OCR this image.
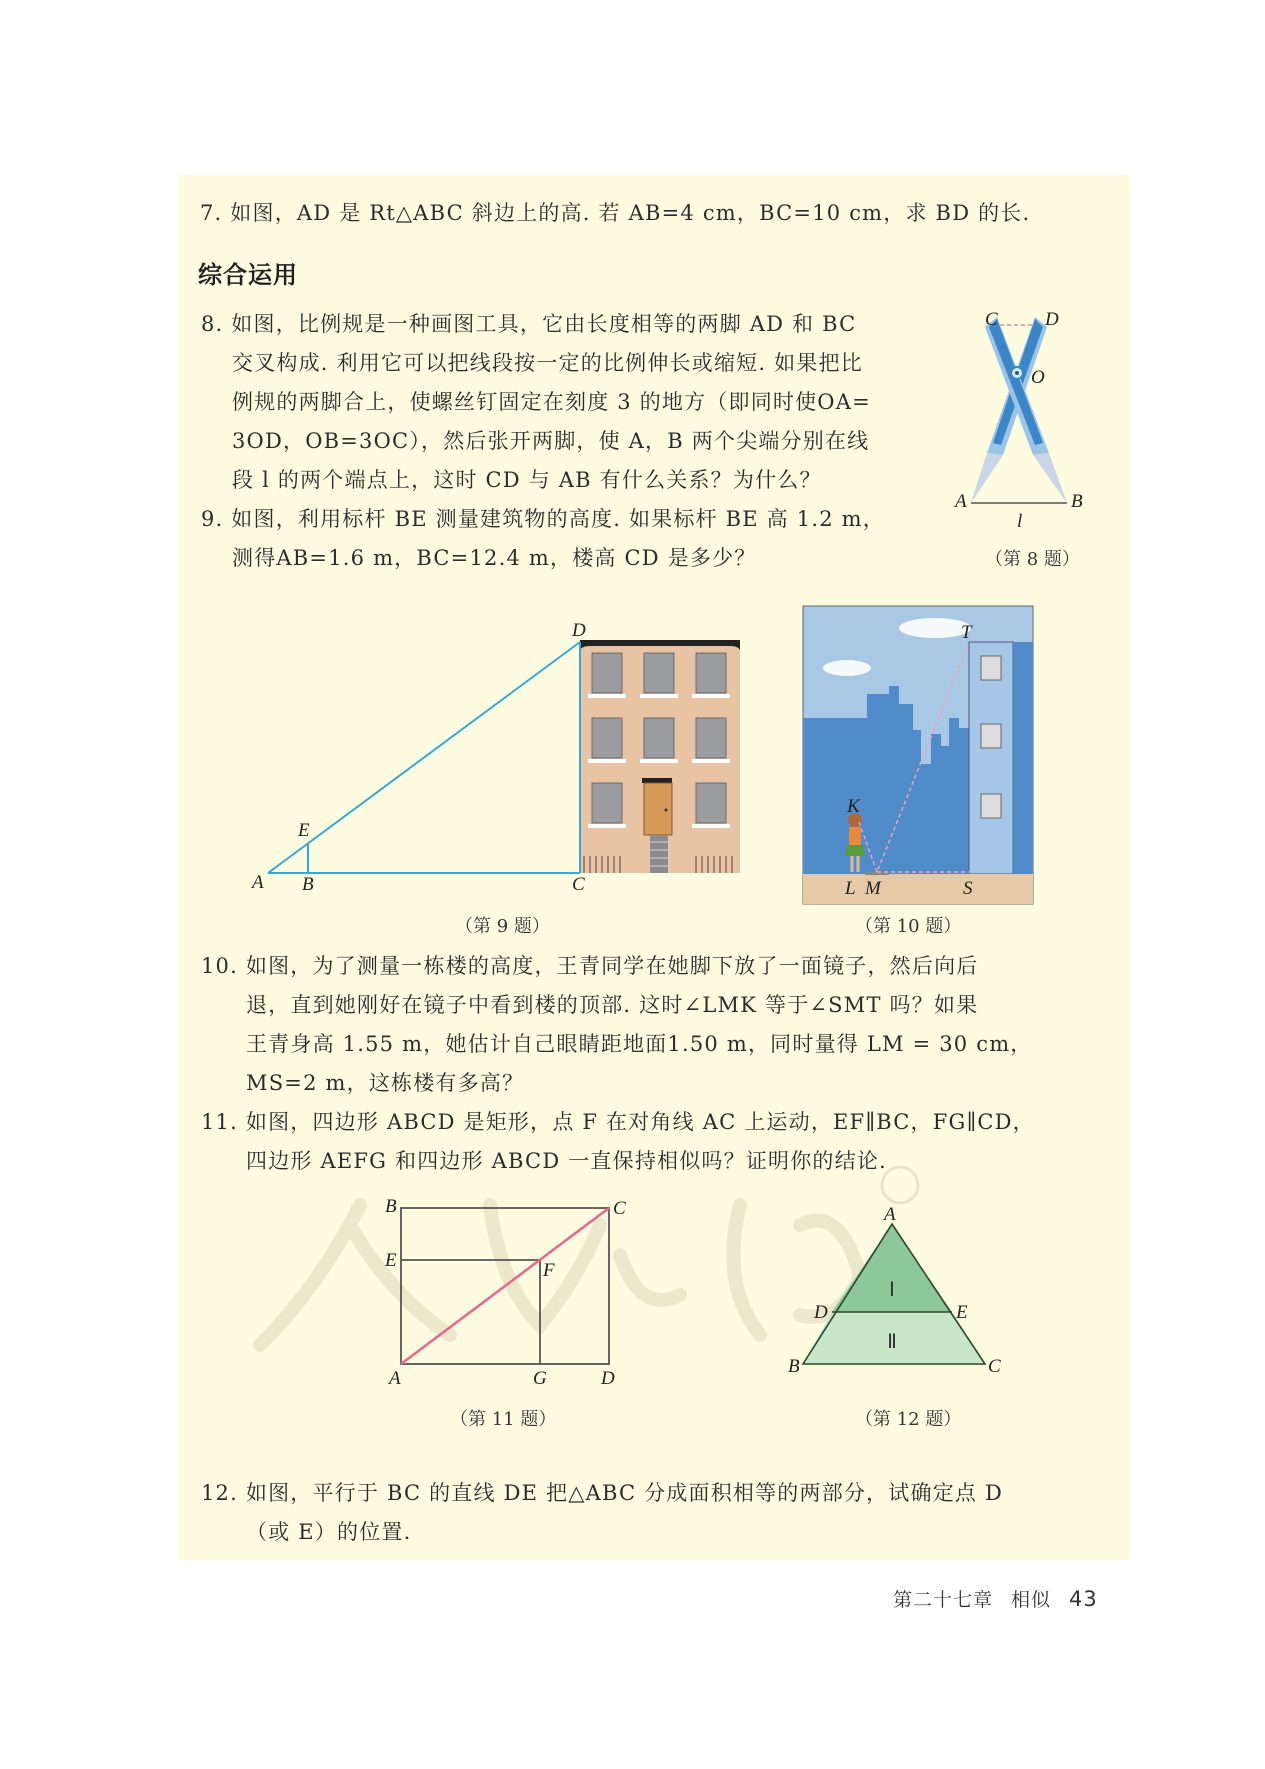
7. 如图，AD 是 Rt△ABC 斜边上的高. 若 AB=4 cm，BC=10 cm，求 BD 的长.
综合运用
8. 如图，比例规是一种画图工具，它由长度相等的两脚 AD 和 BC
交叉构成. 利用它可以把线段按一定的比例伸长或缩短. 如果把比
例规的两脚合上，使螺丝钉固定在刻度 3 的地方（即同时使OA=
3OD，OB=3OC），然后张开两脚，使 A，B 两个尖端分别在线
段 l 的两个端点上，这时 CD 与 AB 有什么关系？为什么？
9. 如图，利用标杆 BE 测量建筑物的高度. 如果标杆 BE 高 1.2 m，
测得AB=1.6 m，BC=12.4 m，楼高 CD 是多少？
C D
O
A	B
l
（第 8 题）
A B	C
D
E
（第 9 题）
T
K
L M	S
（第 10 题）
10. 如图，为了测量一栋楼的高度，王青同学在她脚下放了一面镜子，然后向后
退，直到她刚好在镜子中看到楼的顶部. 这时∠LMK 等于∠SMT 吗？如果
王青身高 1.55 m，她估计自己眼睛距地面1.50 m，同时量得 LM = 30 cm，
MS=2 m，这栋楼有多高？
11. 如图，四边形 ABCD 是矩形，点 F 在对角线 AC 上运动，EF∥BC，FG∥CD，
四边形 AEFG 和四边形 ABCD 一直保持相似吗？证明你的结论.
B	C
E	F
A	G	D
（第 11 题）
Ⅰ
Ⅱ
A
D	E
B	C
（第 12 题）
12. 如图，平行于 BC 的直线 DE 把△ABC 分成面积相等的两部分，试确定点 D
（或 E）的位置.
第二十七章 相似 43
